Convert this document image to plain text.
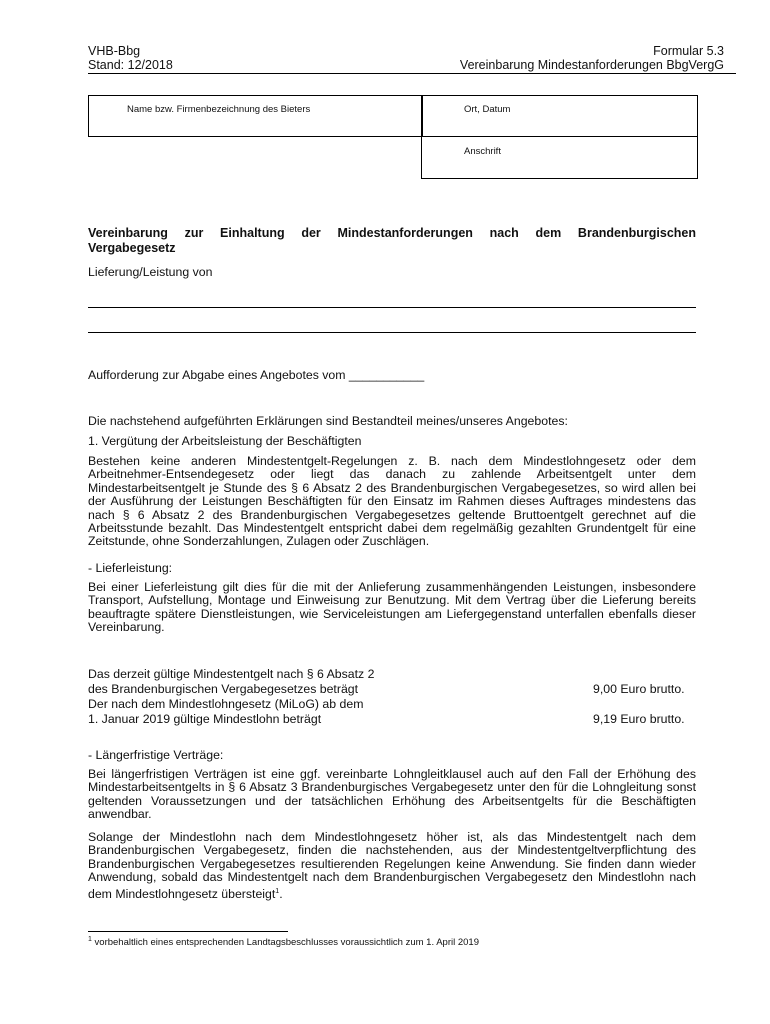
VHB-Bbg
Stand: 12/2018
Formular 5.3
Vereinbarung Mindestanforderungen BbgVergG
Name bzw. Firmenbezeichnung des Bieters	Ort, Datum
Anschrift
Vereinbarung zur Einhaltung der Mindestanforderungen nach dem Brandenburgischen
Vergabegesetz
Lieferung/Leistung von
Aufforderung zur Abgabe eines Angebotes vom ___________
Die nachstehend aufgeführten Erklärungen sind Bestandteil meines/unseres Angebotes:
1. Vergütung der Arbeitsleistung der Beschäftigten
Bestehen keine anderen Mindestentgelt-Regelungen z. B. nach dem Mindestlohngesetz oder dem Arbeitnehmer-Entsendegesetz oder liegt das danach zu zahlende Arbeitsentgelt unter dem Mindestarbeitsentgelt je Stunde des § 6 Absatz 2 des Brandenburgischen Vergabegesetzes, so wird allen bei der Ausführung der Leistungen Beschäftigten für den Einsatz im Rahmen dieses Auftrages mindestens das nach § 6 Absatz 2 des Brandenburgischen Vergabegesetzes geltende Bruttoentgelt gerechnet auf die Arbeitsstunde bezahlt. Das Mindestentgelt entspricht dabei dem regelmäßig gezahlten Grundentgelt für eine Zeitstunde, ohne Sonderzahlungen, Zulagen oder Zuschlägen.
- Lieferleistung:
Bei einer Lieferleistung gilt dies für die mit der Anlieferung zusammenhängenden Leistungen, insbesondere Transport, Aufstellung, Montage und Einweisung zur Benutzung. Mit dem Vertrag über die Lieferung bereits beauftragte spätere Dienstleistungen, wie Serviceleistungen am Liefergegenstand unterfallen ebenfalls dieser Vereinbarung.
Das derzeit gültige Mindestentgelt nach § 6 Absatz 2
des Brandenburgischen Vergabegesetzes beträgt	9,00 Euro brutto.
Der nach dem Mindestlohngesetz (MiLoG) ab dem
1. Januar 2019 gültige Mindestlohn beträgt	9,19 Euro brutto.
- Längerfristige Verträge:
Bei längerfristigen Verträgen ist eine ggf. vereinbarte Lohngleitklausel auch auf den Fall der Erhöhung des Mindestarbeitsentgelts in § 6 Absatz 3 Brandenburgisches Vergabegesetz unter den für die Lohngleitung sonst geltenden Voraussetzungen und der tatsächlichen Erhöhung des Arbeitsentgelts für die Beschäftigten anwendbar.
Solange der Mindestlohn nach dem Mindestlohngesetz höher ist, als das Mindestentgelt nach dem Brandenburgischen Vergabegesetz, finden die nachstehenden, aus der Mindestentgeltverpflichtung des Brandenburgischen Vergabegesetzes resultierenden Regelungen keine Anwendung. Sie finden dann wieder Anwendung, sobald das Mindestentgelt nach dem Brandenburgischen Vergabegesetz den Mindestlohn nach dem Mindestlohngesetz übersteigt$^1$.
$^1$ vorbehaltlich eines entsprechenden Landtagsbeschlusses voraussichtlich zum 1. April 2019
